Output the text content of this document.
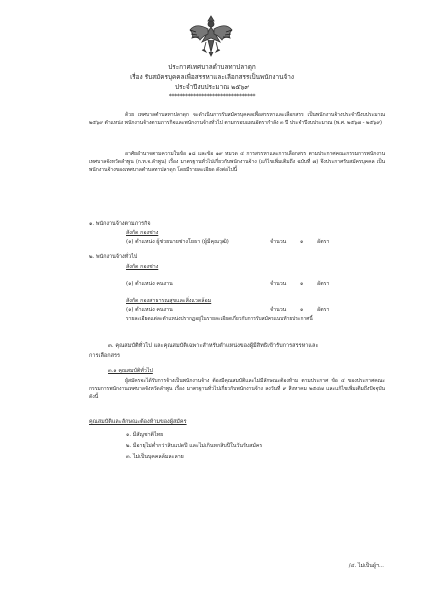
ประกาศเทศบาลตำบลทาปลาดุก
เรื่อง รับสมัครบุคคลเพื่อสรรหาและเลือกสรรเป็นพนักงานจ้าง
ประจำปีงบประมาณ ๒๕๖๙
********************************
ด้วย เทศบาลตำบลทาปลาดุก จะดำเนินการรับสมัครบุคคลเพื่อสรรหาและเลือกสรร เป็นพนักงานจ้างประจำปีงบประมาณ ๒๕๖๙ ตำแหน่ง พนักงานจ้างตามภารกิจและพนักงานจ้างทั่วไป ตามกรอบแผนอัตรากำลัง ๓ ปี ประจำปีงบประมาณ (พ.ศ. ๒๕๖๗ - ๒๕๖๙)
อาศัยอำนาจตามความในข้อ ๑๘ และข้อ ๑๙ หมวด ๔ การสรรหาและการเลือกสรร ตามประกาศคณะกรรมการพนักงานเทศบาลจังหวัดลำพูน (ก.ท.จ.ลำพูน) เรื่อง มาตรฐานทั่วไปเกี่ยวกับพนักงานจ้าง (แก้ไขเพิ่มเติมถึง ฉบับที่ ๗) จึงประกาศรับสมัครบุคคล เป็นพนักงานจ้างของเทศบาลตำบลทาปลาดุก โดยมีรายละเอียด ดังต่อไปนี้
๑. พนักงานจ้างตามภารกิจ
สังกัด กองช่าง
(๑) ตำแหน่ง ผู้ช่วยนายช่างโยธา (ผู้มีคุณวุฒิ)	จำนวน	๑	อัตรา
๒. พนักงานจ้างทั่วไป
สังกัด กองช่าง
(๑) ตำแหน่ง คนงาน	จำนวน	๑	อัตรา
สังกัด กองสาธารณสุขและสิ่งแวดล้อม
(๑) ตำแหน่ง คนงาน	จำนวน	๑	อัตรา
รายละเอียดแต่ละตำแหน่งปรากฏอยู่ในรายละเอียดเกี่ยวกับการรับสมัครแนบท้ายประกาศนี้
๓. คุณสมบัติทั่วไป และคุณสมบัติเฉพาะสำหรับตำแหน่งของผู้มีสิทธิเข้ารับการสรรหาและ
การเลือกสรร
๓.๑ คุณสมบัติทั่วไป
ผู้สมัครจะได้รับการจ้างเป็นพนักงานจ้าง ต้องมีคุณสมบัติและไม่มีลักษณะต้องห้าม ตามประกาศ ข้อ ๔ ของประกาศคณะกรรมการพนักงานเทศบาลจังหวัดลำพูน เรื่อง มาตรฐานทั่วไปเกี่ยวกับพนักงานจ้าง ลงวันที่ ๙ สิงหาคม ๒๕๔๗ และแก้ไขเพิ่มเติมถึงปัจจุบัน ดังนี้
คุณสมบัติและลักษณะต้องห้ามของผู้สมัคร
๑. มีสัญชาติไทย
๒. มีอายุไม่ต่ำกว่าสิบแปดปี และไม่เกินหกสิบปีในวันรับสมัคร
๓. ไม่เป็นบุคคลล้มละลาย
/๔. ไม่เป็นผู้ฯ...
